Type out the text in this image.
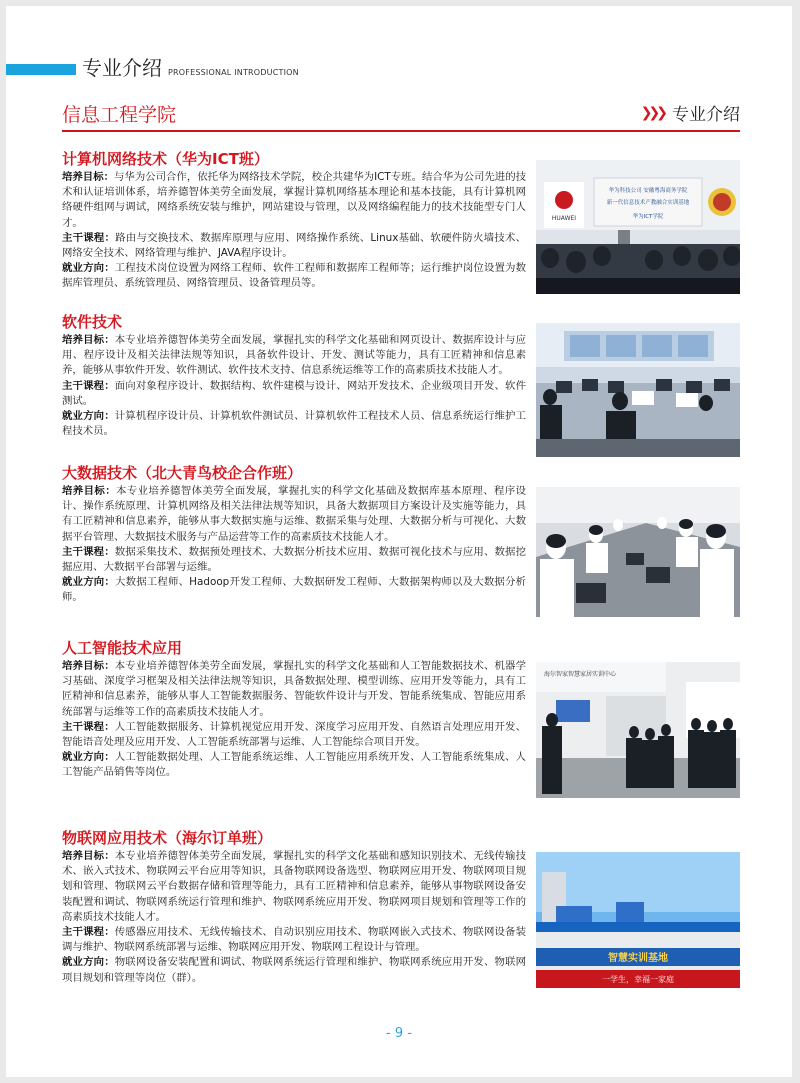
专业介绍 PROFESSIONAL INTRODUCTION
信息工程学院	❯❯❯ 专业介绍
计算机网络技术（华为ICT班）

培养目标：与华为公司合作，依托华为网络技术学院，校企共建华为ICT专班。结合华为公司先进的技术和认证培训体系，培养德智体美劳全面发展，掌握计算机网络基本理论和基本技能，具有计算机网络硬件组网与调试，网络系统安装与维护，网站建设与管理，以及网络编程能力的技术技能型专门人才。

主干课程：路由与交换技术、数据库原理与应用、网络操作系统、Linux基础、软硬件防火墙技术、网络安全技术、网络管理与维护、JAVA程序设计。

就业方向：工程技术岗位设置为网络工程师、软件工程师和数据库工程师等；运行维护岗位设置为数据库管理员、系统管理员、网络管理员、设备管理员等。

HUAWEI
华为科技公司 安徽粤海商务学院
新一代信息技术产教融合实训基地
华为ICT学院
软件技术

培养目标：本专业培养德智体美劳全面发展，掌握扎实的科学文化基础和网页设计、数据库设计与应用、程序设计及相关法律法规等知识，具备软件设计、开发、测试等能力，具有工匠精神和信息素养，能够从事软件开发、软件测试、软件技术支持、信息系统运维等工作的高素质技术技能人才。

主干课程：面向对象程序设计、数据结构、软件建模与设计、网站开发技术、企业级项目开发、软件测试。

就业方向：计算机程序设计员、计算机软件测试员、计算机软件工程技术人员、信息系统运行维护工程技术员。

大数据技术（北大青鸟校企合作班）

培养目标：本专业培养德智体美劳全面发展，掌握扎实的科学文化基础及数据库基本原理、程序设计、操作系统原理、计算机网络及相关法律法规等知识，具备大数据项目方案设计及实施等能力，具有工匠精神和信息素养，能够从事大数据实施与运维、数据采集与处理、大数据分析与可视化、大数据平台管理、大数据技术服务与产品运营等工作的高素质技术技能人才。

主干课程：数据采集技术、数据预处理技术、大数据分析技术应用、数据可视化技术与应用、数据挖掘应用、大数据平台部署与运维。

就业方向：大数据工程师、Hadoop开发工程师、大数据研发工程师、大数据架构师以及大数据分析师。

人工智能技术应用

培养目标：本专业培养德智体美劳全面发展，掌握扎实的科学文化基础和人工智能数据技术、机器学习基础、深度学习框架及相关法律法规等知识，具备数据处理、模型训练、应用开发等能力，具有工匠精神和信息素养，能够从事人工智能数据服务、智能软件设计与开发、智能系统集成、智能应用系统部署与运维等工作的高素质技术技能人才。

主干课程：人工智能数据服务、计算机视觉应用开发、深度学习应用开发、自然语言处理应用开发、智能语音处理及应用开发、人工智能系统部署与运维、人工智能综合项目开发。

就业方向：人工智能数据处理、人工智能系统运维、人工智能应用系统开发、人工智能系统集成、人工智能产品销售等岗位。

海尔智家智慧家居实训中心
物联网应用技术（海尔订单班）

培养目标：本专业培养德智体美劳全面发展，掌握扎实的科学文化基础和感知识别技术、无线传输技术、嵌入式技术、物联网云平台应用等知识，具备物联网设备选型、物联网应用开发、物联网项目规划和管理、物联网云平台数据存储和管理等能力，具有工匠精神和信息素养，能够从事物联网设备安装配置和调试、物联网系统运行管理和维护、物联网系统应用开发、物联网项目规划和管理等工作的高素质技术技能人才。

主干课程：传感器应用技术、无线传输技术、自动识别应用技术、物联网嵌入式技术、物联网设备装调与维护、物联网系统部署与运维、物联网应用开发、物联网工程设计与管理。

就业方向：物联网设备安装配置和调试、物联网系统运行管理和维护、物联网系统应用开发、物联网项目规划和管理等岗位（群）。

智慧实训基地
一学生，幸福一家庭
- 9 -
